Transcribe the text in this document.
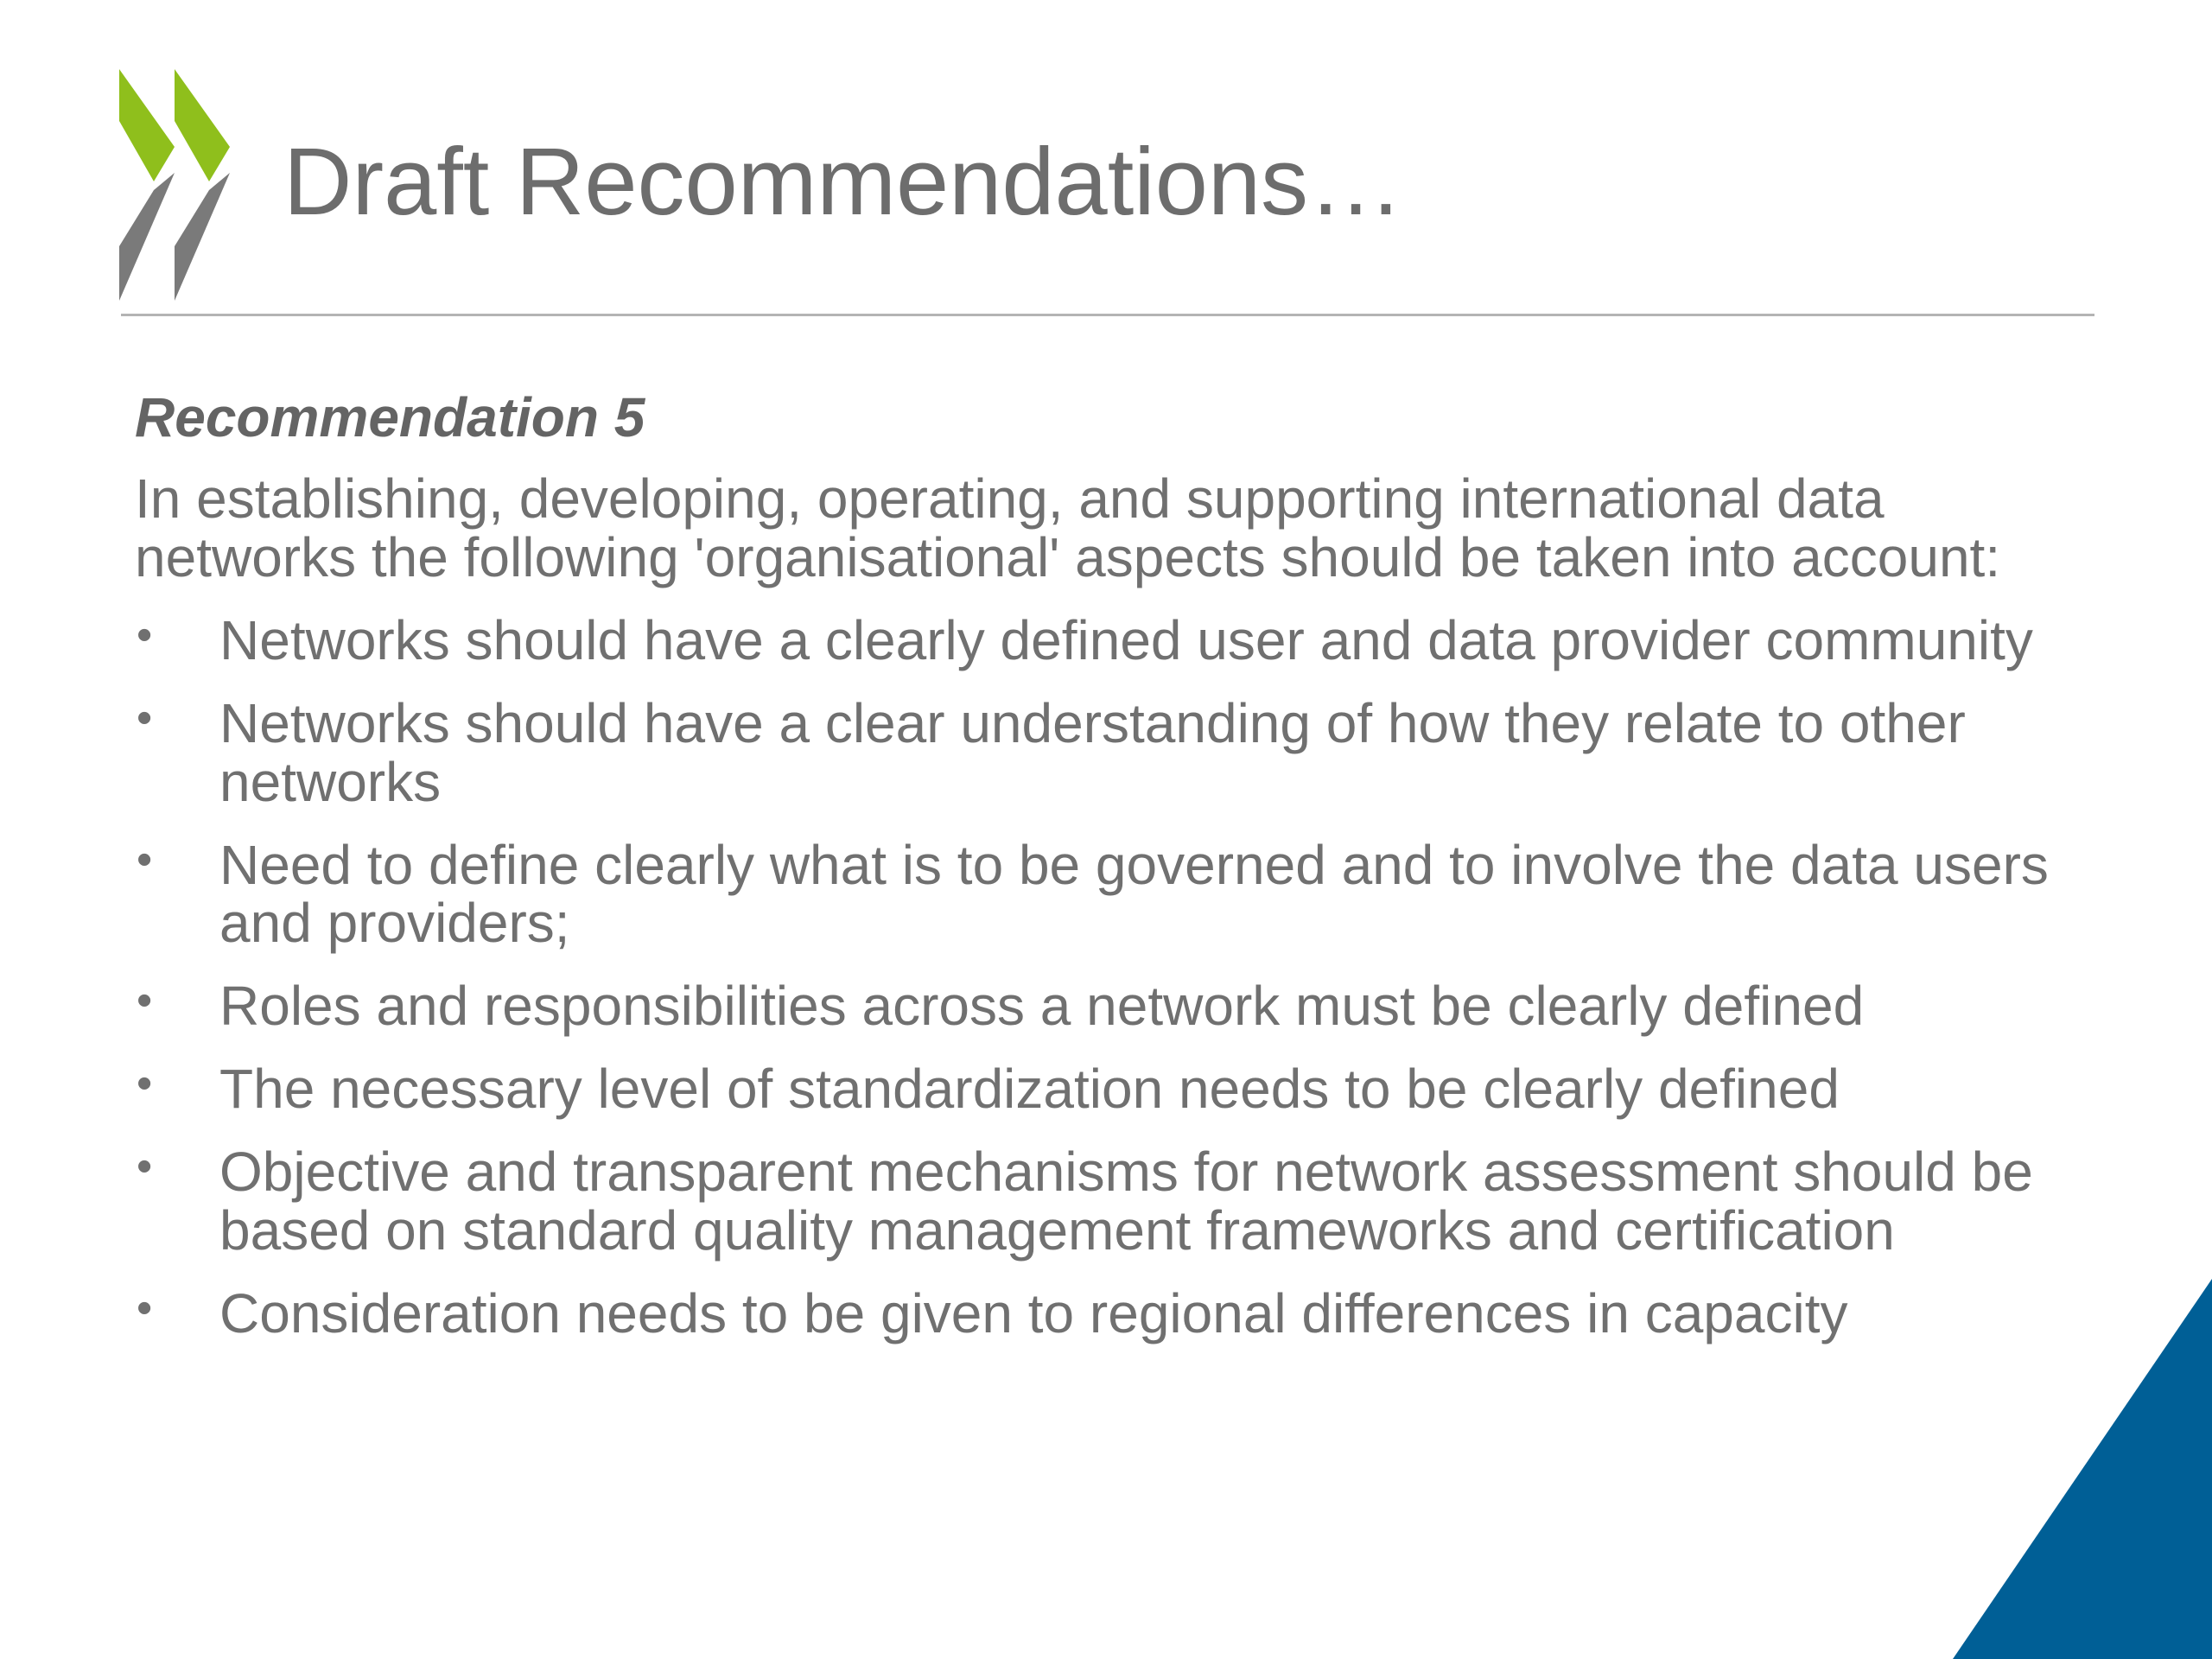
Draft Recommendations…

Recommendation 5

In establishing, developing, operating, and supporting international data networks the following 'organisational' aspects should be taken into account:

• Networks should have a clearly defined user and data provider community
• Networks should have a clear understanding of how they relate to other networks
• Need to define clearly what is to be governed and to involve the data users and providers;
• Roles and responsibilities across a network must be clearly defined
• The necessary level of standardization needs to be clearly defined
• Objective and transparent mechanisms for network assessment should be based on standard quality management frameworks and certification
• Consideration needs to be given to regional differences in capacity
